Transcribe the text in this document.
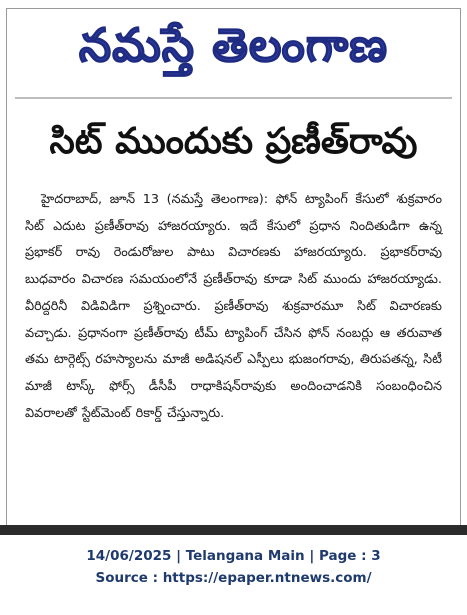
నమస్తే తెలంగాణ
సిట్ ముందుకు ప్రణీత్‌రావు
హైదరాబాద్, జూన్ 13 (నమస్తే తెలంగాణ): ఫోన్ ట్యాపింగ్ కేసులో శుక్రవారం సిట్ ఎదుట ప్రణీత్‌రావు హాజరయ్యారు. ఇదే కేసులో ప్రధాన నిందితుడిగా ఉన్న ప్రభాకర్ రావు రెండురోజుల పాటు విచారణకు హాజరయ్యారు. ప్రభాకర్‌రావు బుధవారం విచారణ సమయంలోనే ప్రణీత్‌రావు కూడా సిట్ ముందు హాజరయ్యాడు. వీరిద్దరినీ విడివిడిగా ప్రశ్నించారు. ప్రణీత్‌రావు శుక్రవారమూ సిట్ విచారణకు వచ్చాడు. ప్రధానంగా ప్రణీత్‌రావు టీమ్ ట్యాపింగ్ చేసిన ఫోన్ నంబర్లు ఆ తరువాత తమ టార్గెట్స్ రహస్యాలను మాజీ అడిషనల్ ఎస్పీలు భుజంగరావు, తిరుపతన్న, సిటీ మాజీ టాస్క్ ఫోర్స్ డీసీపీ రాధాకిషన్‌రావుకు అందించాడనికి సంబంధించిన వివరాలతో స్టేట్‌మెంట్ రికార్డ్ చేస్తున్నారు.
14/06/2025 | Telangana Main | Page : 3
Source : https://epaper.ntnews.com/
